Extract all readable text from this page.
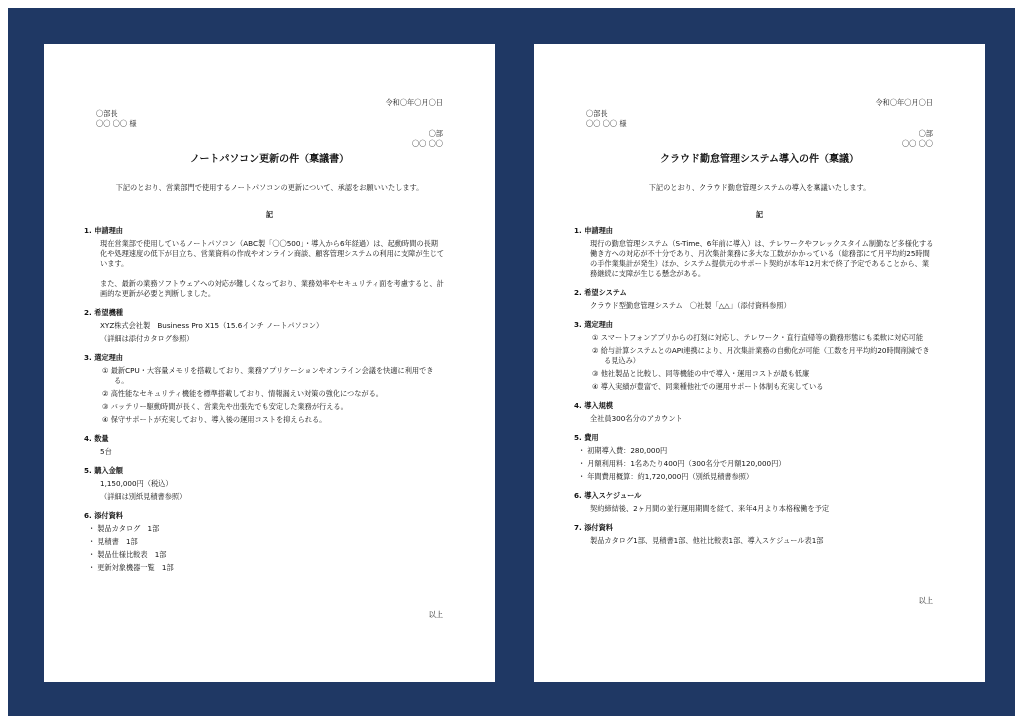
令和〇年〇月〇日
〇部長
〇〇 〇〇 様
〇部
〇〇 〇〇
ノートパソコン更新の件（稟議書）
下記のとおり、営業部門で使用するノートパソコンの更新について、承認をお願いいたします。
記
1. 申請理由
現在営業部で使用しているノートパソコン（ABC製「〇〇500」・導入から6年経過）は、起動時間の長期化や処理速度の低下が目立ち、営業資料の作成やオンライン商談、顧客管理システムの利用に支障が生じています。
また、最新の業務ソフトウェアへの対応が難しくなっており、業務効率やセキュリティ面を考慮すると、計画的な更新が必要と判断しました。
2. 希望機種
XYZ株式会社製　Business Pro X15（15.6インチ ノートパソコン）
（詳細は添付カタログ参照）
3. 選定理由
① 最新CPU・大容量メモリを搭載しており、業務アプリケーションやオンライン会議を快適に利用できる。
② 高性能なセキュリティ機能を標準搭載しており、情報漏えい対策の強化につながる。
③ バッテリー駆動時間が長く、営業先や出張先でも安定した業務が行える。
④ 保守サポートが充実しており、導入後の運用コストを抑えられる。
4. 数量
5台
5. 購入金額
1,150,000円（税込）
（詳細は別紙見積書参照）
6. 添付資料
・ 製品カタログ　1部
・ 見積書　1部
・ 製品仕様比較表　1部
・ 更新対象機器一覧　1部
以上
令和〇年〇月〇日
〇部長
〇〇 〇〇 様
〇部
〇〇 〇〇
クラウド勤怠管理システム導入の件（稟議）
下記のとおり、クラウド勤怠管理システムの導入を稟議いたします。
記
1. 申請理由
現行の勤怠管理システム（S-Time、6年前に導入）は、テレワークやフレックスタイム制勤など多様化する働き方への対応が不十分であり、月次集計業務に多大な工数がかかっている（総務部にて月平均約25時間の手作業集計が発生）ほか、システム提供元のサポート契約が本年12月末で終了予定であることから、業務継続に支障が生じる懸念がある。
2. 希望システム
クラウド型勤怠管理システム　〇社製「△△」（添付資料参照）
3. 選定理由
① スマートフォンアプリからの打刻に対応し、テレワーク・直行直帰等の勤務形態にも柔軟に対応可能
② 給与計算システムとのAPI連携により、月次集計業務の自動化が可能（工数を月平均約20時間削減できる見込み）
③ 他社製品と比較し、同等機能の中で導入・運用コストが最も低廉
④ 導入実績が豊富で、同業種他社での運用サポート体制も充実している
4. 導入規模
全社員300名分のアカウント
5. 費用
・ 初期導入費：280,000円
・ 月額利用料：1名あたり400円（300名分で月額120,000円）
・ 年間費用概算：約1,720,000円（別紙見積書参照）
6. 導入スケジュール
契約締結後、2ヶ月間の並行運用期間を経て、来年4月より本格稼働を予定
7. 添付資料
製品カタログ1部、見積書1部、他社比較表1部、導入スケジュール表1部
以上
